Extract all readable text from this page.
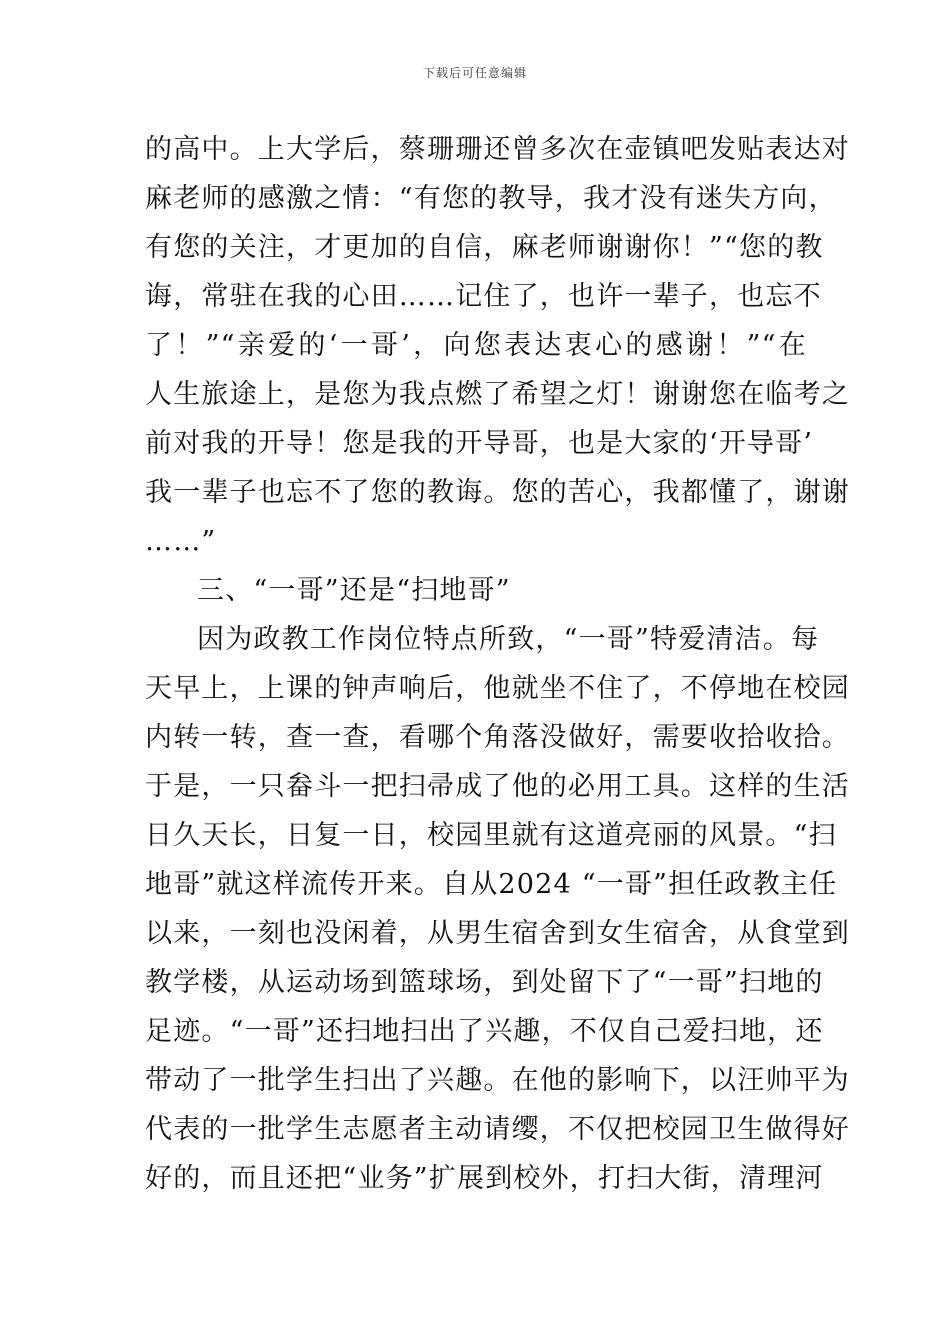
下载后可任意编辑
的高中。上大学后，蔡珊珊还曾多次在壶镇吧发贴表达对
麻老师的感激之情：“有您的教导，我才没有迷失方向，
有您的关注，才更加的自信，麻老师谢谢你！”“您的教
诲，常驻在我的心田……记住了，也许一辈子，也忘不
了！”“亲爱的‘一哥’，向您表达衷心的感谢！”“在
人生旅途上，是您为我点燃了希望之灯！谢谢您在临考之
前对我的开导！您是我的开导哥，也是大家的‘开导哥’
我一辈子也忘不了您的教诲。您的苦心，我都懂了，谢谢
……”
三、“一哥”还是“扫地哥”
因为政教工作岗位特点所致，“一哥”特爱清洁。每
天早上，上课的钟声响后，他就坐不住了，不停地在校园
内转一转，查一查，看哪个角落没做好，需要收拾收拾。
于是，一只畚斗一把扫帚成了他的必用工具。这样的生活
日久天长，日复一日，校园里就有这道亮丽的风景。“扫
地哥”就这样流传开来。自从2024 “一哥”担任政教主任
以来，一刻也没闲着，从男生宿舍到女生宿舍，从食堂到
教学楼，从运动场到篮球场，到处留下了“一哥”扫地的
足迹。“一哥”还扫地扫出了兴趣，不仅自己爱扫地，还
带动了一批学生扫出了兴趣。在他的影响下，以汪帅平为
代表的一批学生志愿者主动请缨，不仅把校园卫生做得好
好的，而且还把“业务”扩展到校外，打扫大街，清理河
